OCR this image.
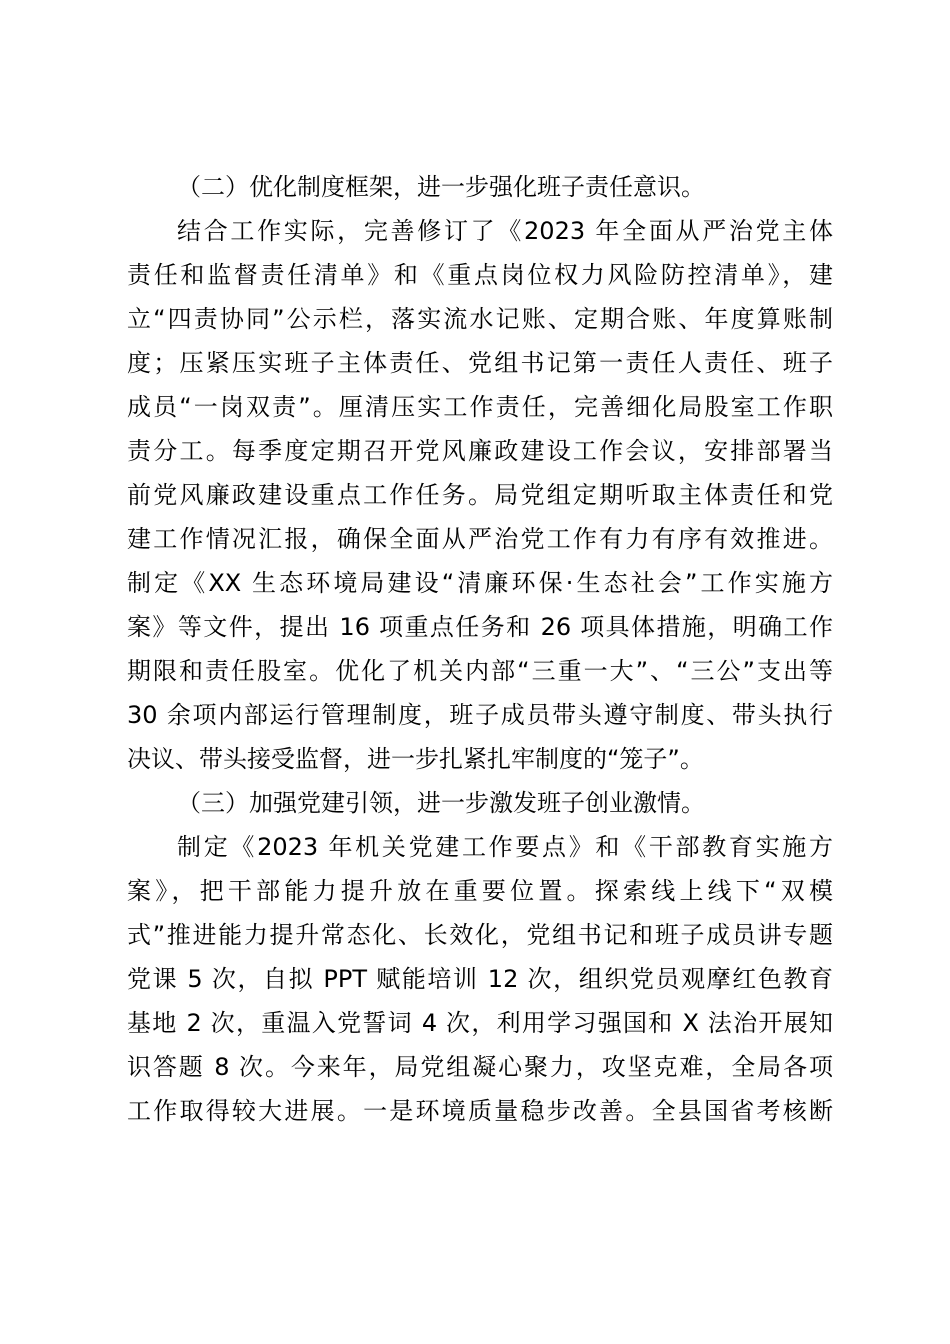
（二）优化制度框架，进一步强化班子责任意识。
结合工作实际，完善修订了《2023 年全面从严治党主体
责任和监督责任清单》和《重点岗位权力风险防控清单》，建
立“四责协同”公示栏，落实流水记账、定期合账、年度算账制
度；压紧压实班子主体责任、党组书记第一责任人责任、班子
成员“一岗双责”。厘清压实工作责任，完善细化局股室工作职
责分工。每季度定期召开党风廉政建设工作会议，安排部署当
前党风廉政建设重点工作任务。局党组定期听取主体责任和党
建工作情况汇报，确保全面从严治党工作有力有序有效推进。
制定《XX 生态环境局建设“清廉环保·生态社会”工作实施方
案》等文件，提出 16 项重点任务和 26 项具体措施，明确工作
期限和责任股室。优化了机关内部“三重一大”、“三公”支出等
30 余项内部运行管理制度，班子成员带头遵守制度、带头执行
决议、带头接受监督，进一步扎紧扎牢制度的“笼子”。
（三）加强党建引领，进一步激发班子创业激情。
制定《2023 年机关党建工作要点》和《干部教育实施方
案》，把干部能力提升放在重要位置。探索线上线下“双模
式”推进能力提升常态化、长效化，党组书记和班子成员讲专题
党课 5 次，自拟 PPT 赋能培训 12 次，组织党员观摩红色教育
基地 2 次，重温入党誓词 4 次，利用学习强国和 X 法治开展知
识答题 8 次。今来年，局党组凝心聚力，攻坚克难，全局各项
工作取得较大进展。一是环境质量稳步改善。全县国省考核断
